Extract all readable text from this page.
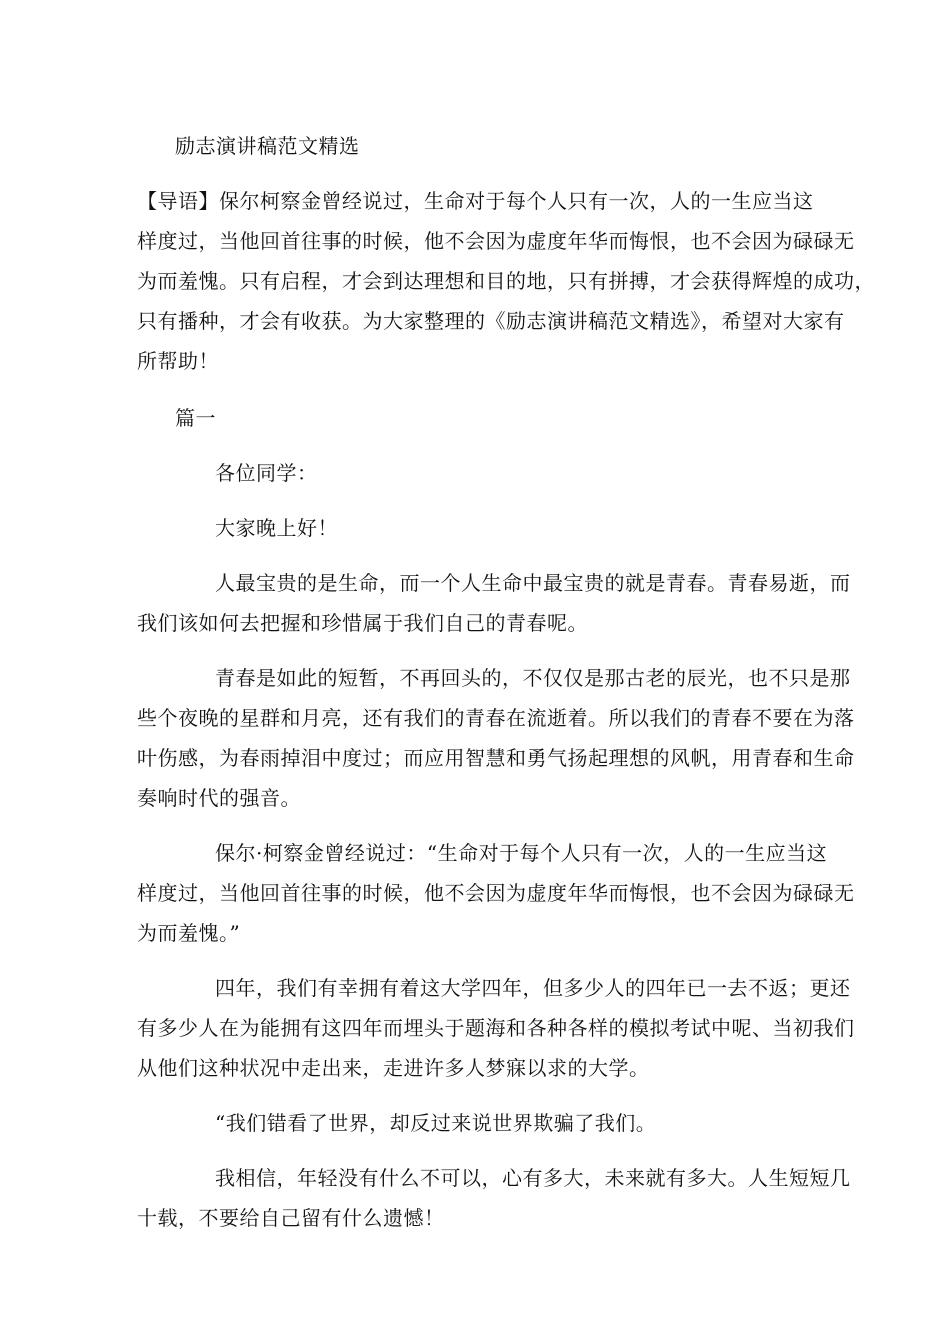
励志演讲稿范文精选
【导语】保尔柯察金曾经说过，生命对于每个人只有一次，人的一生应当这
样度过，当他回首往事的时候，他不会因为虚度年华而悔恨，也不会因为碌碌无
为而羞愧。只有启程，才会到达理想和目的地，只有拼搏，才会获得辉煌的成功，
只有播种，才会有收获。为大家整理的《励志演讲稿范文精选》，希望对大家有
所帮助！
篇一
各位同学：
大家晚上好！
人最宝贵的是生命，而一个人生命中最宝贵的就是青春。青春易逝，而
我们该如何去把握和珍惜属于我们自己的青春呢。
青春是如此的短暂，不再回头的，不仅仅是那古老的辰光，也不只是那
些个夜晚的星群和月亮，还有我们的青春在流逝着。所以我们的青春不要在为落
叶伤感，为春雨掉泪中度过；而应用智慧和勇气扬起理想的风帆，用青春和生命
奏响时代的强音。
保尔·柯察金曾经说过：“生命对于每个人只有一次，人的一生应当这
样度过，当他回首往事的时候，他不会因为虚度年华而悔恨，也不会因为碌碌无
为而羞愧。”
四年，我们有幸拥有着这大学四年，但多少人的四年已一去不返；更还
有多少人在为能拥有这四年而埋头于题海和各种各样的模拟考试中呢、当初我们
从他们这种状况中走出来，走进许多人梦寐以求的大学。
“我们错看了世界，却反过来说世界欺骗了我们。
我相信，年轻没有什么不可以，心有多大，未来就有多大。人生短短几
十载，不要给自己留有什么遗憾！
